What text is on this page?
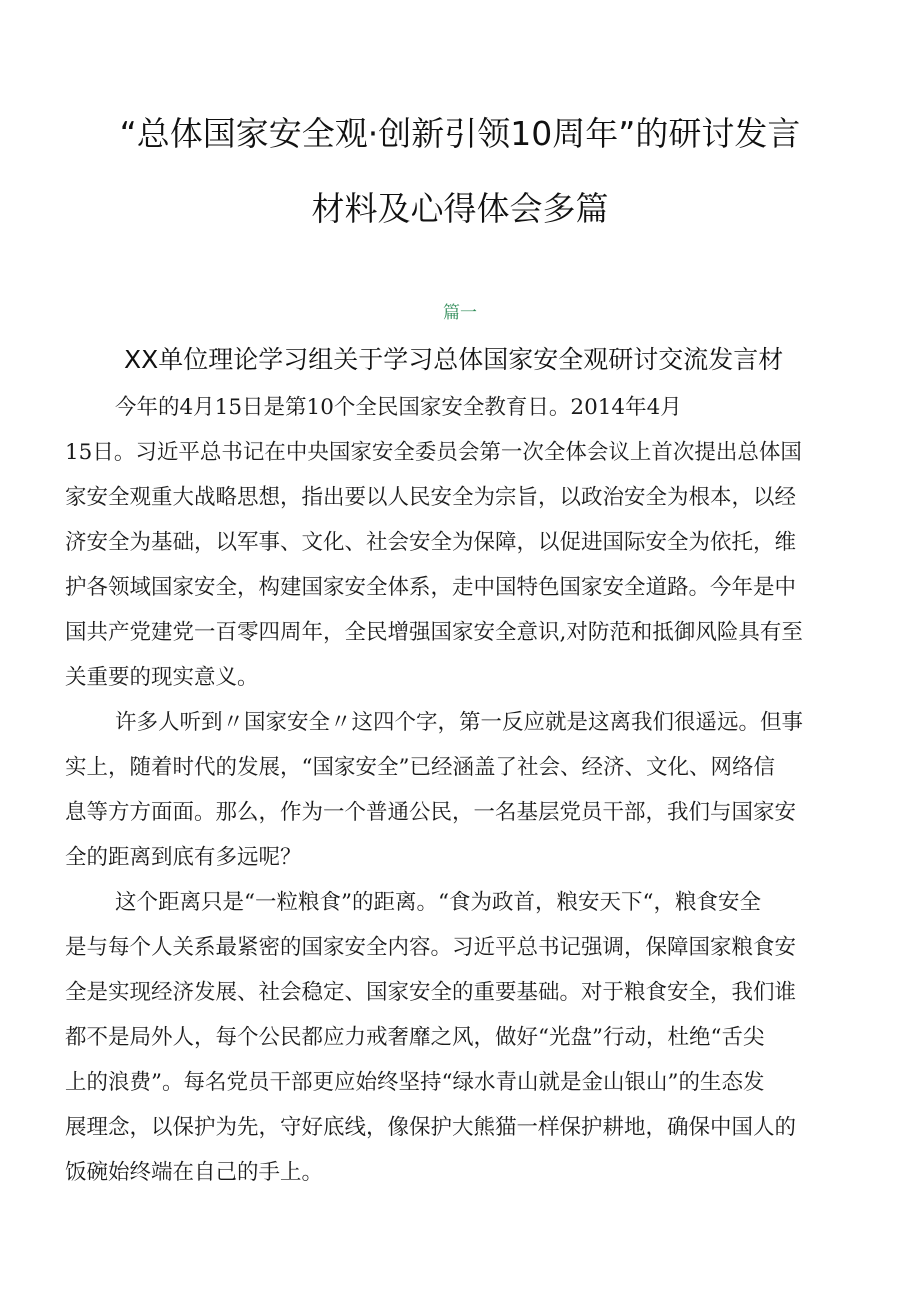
“总体国家安全观·创新引领10周年”的研讨发言
材料及心得体会多篇
篇一
XX单位理论学习组关于学习总体国家安全观研讨交流发言材
今年的4月15日是第10个全民国家安全教育日。2014年4月
15日。习近平总书记在中央国家安全委员会第一次全体会议上首次提出总体国
家安全观重大战略思想，指出要以人民安全为宗旨，以政治安全为根本，以经
济安全为基础，以军事、文化、社会安全为保障，以促进国际安全为依托，维
护各领域国家安全，构建国家安全体系，走中国特色国家安全道路。今年是中
国共产党建党一百零四周年，全民增强国家安全意识,对防范和抵御风险具有至
关重要的现实意义。
许多人听到〃国家安全〃这四个字，第一反应就是这离我们很遥远。但事
实上，随着时代的发展，“国家安全”已经涵盖了社会、经济、文化、网络信
息等方方面面。那么，作为一个普通公民，一名基层党员干部，我们与国家安
全的距离到底有多远呢？
这个距离只是“一粒粮食”的距离。“食为政首，粮安天下“，粮食安全
是与每个人关系最紧密的国家安全内容。习近平总书记强调，保障国家粮食安
全是实现经济发展、社会稳定、国家安全的重要基础。对于粮食安全，我们谁
都不是局外人，每个公民都应力戒奢靡之风，做好“光盘”行动，杜绝“舌尖
上的浪费”。每名党员干部更应始终坚持“绿水青山就是金山银山”的生态发
展理念，以保护为先，守好底线，像保护大熊猫一样保护耕地，确保中国人的
饭碗始终端在自己的手上。
